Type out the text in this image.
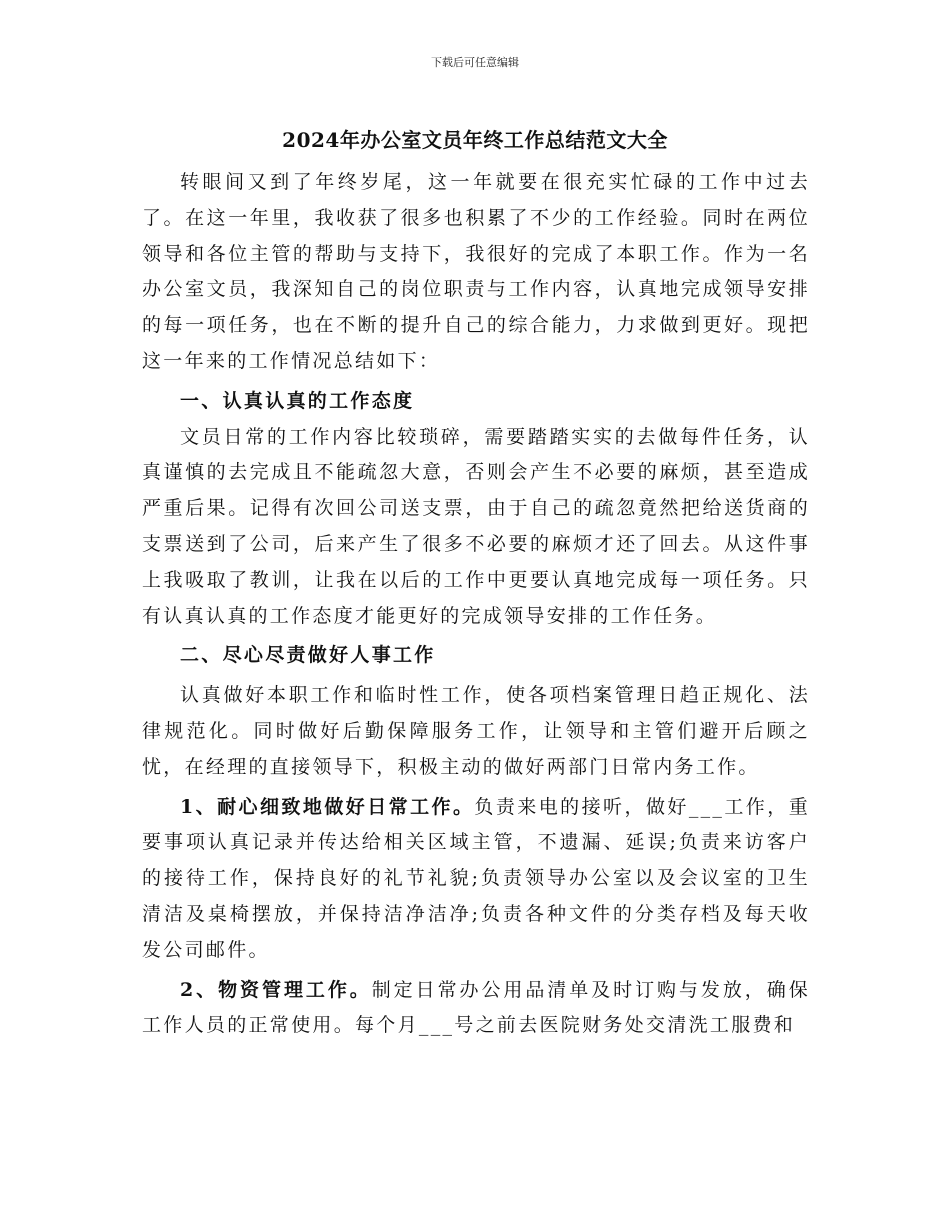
下载后可任意编辑
2024年办公室文员年终工作总结范文大全

转眼间又到了年终岁尾，这一年就要在很充实忙碌的工作中过去了。在这一年里，我收获了很多也积累了不少的工作经验。同时在两位领导和各位主管的帮助与支持下，我很好的完成了本职工作。作为一名办公室文员，我深知自己的岗位职责与工作内容，认真地完成领导安排的每一项任务，也在不断的提升自己的综合能力，力求做到更好。现把这一年来的工作情况总结如下：

一、认真认真的工作态度

文员日常的工作内容比较琐碎，需要踏踏实实的去做每件任务，认真谨慎的去完成且不能疏忽大意，否则会产生不必要的麻烦，甚至造成严重后果。记得有次回公司送支票，由于自己的疏忽竟然把给送货商的支票送到了公司，后来产生了很多不必要的麻烦才还了回去。从这件事上我吸取了教训，让我在以后的工作中更要认真地完成每一项任务。只有认真认真的工作态度才能更好的完成领导安排的工作任务。

二、尽心尽责做好人事工作

认真做好本职工作和临时性工作，使各项档案管理日趋正规化、法律规范化。同时做好后勤保障服务工作，让领导和主管们避开后顾之忧，在经理的直接领导下，积极主动的做好两部门日常内务工作。

1、耐心细致地做好日常工作。负责来电的接听，做好___工作，重要事项认真记录并传达给相关区域主管，不遗漏、延误;负责来访客户的接待工作，保持良好的礼节礼貌;负责领导办公室以及会议室的卫生清洁及桌椅摆放，并保持洁净洁净;负责各种文件的分类存档及每天收发公司邮件。

2、物资管理工作。制定日常办公用品清单及时订购与发放，确保工作人员的正常使用。每个月___号之前去医院财务处交清洗工服费和
